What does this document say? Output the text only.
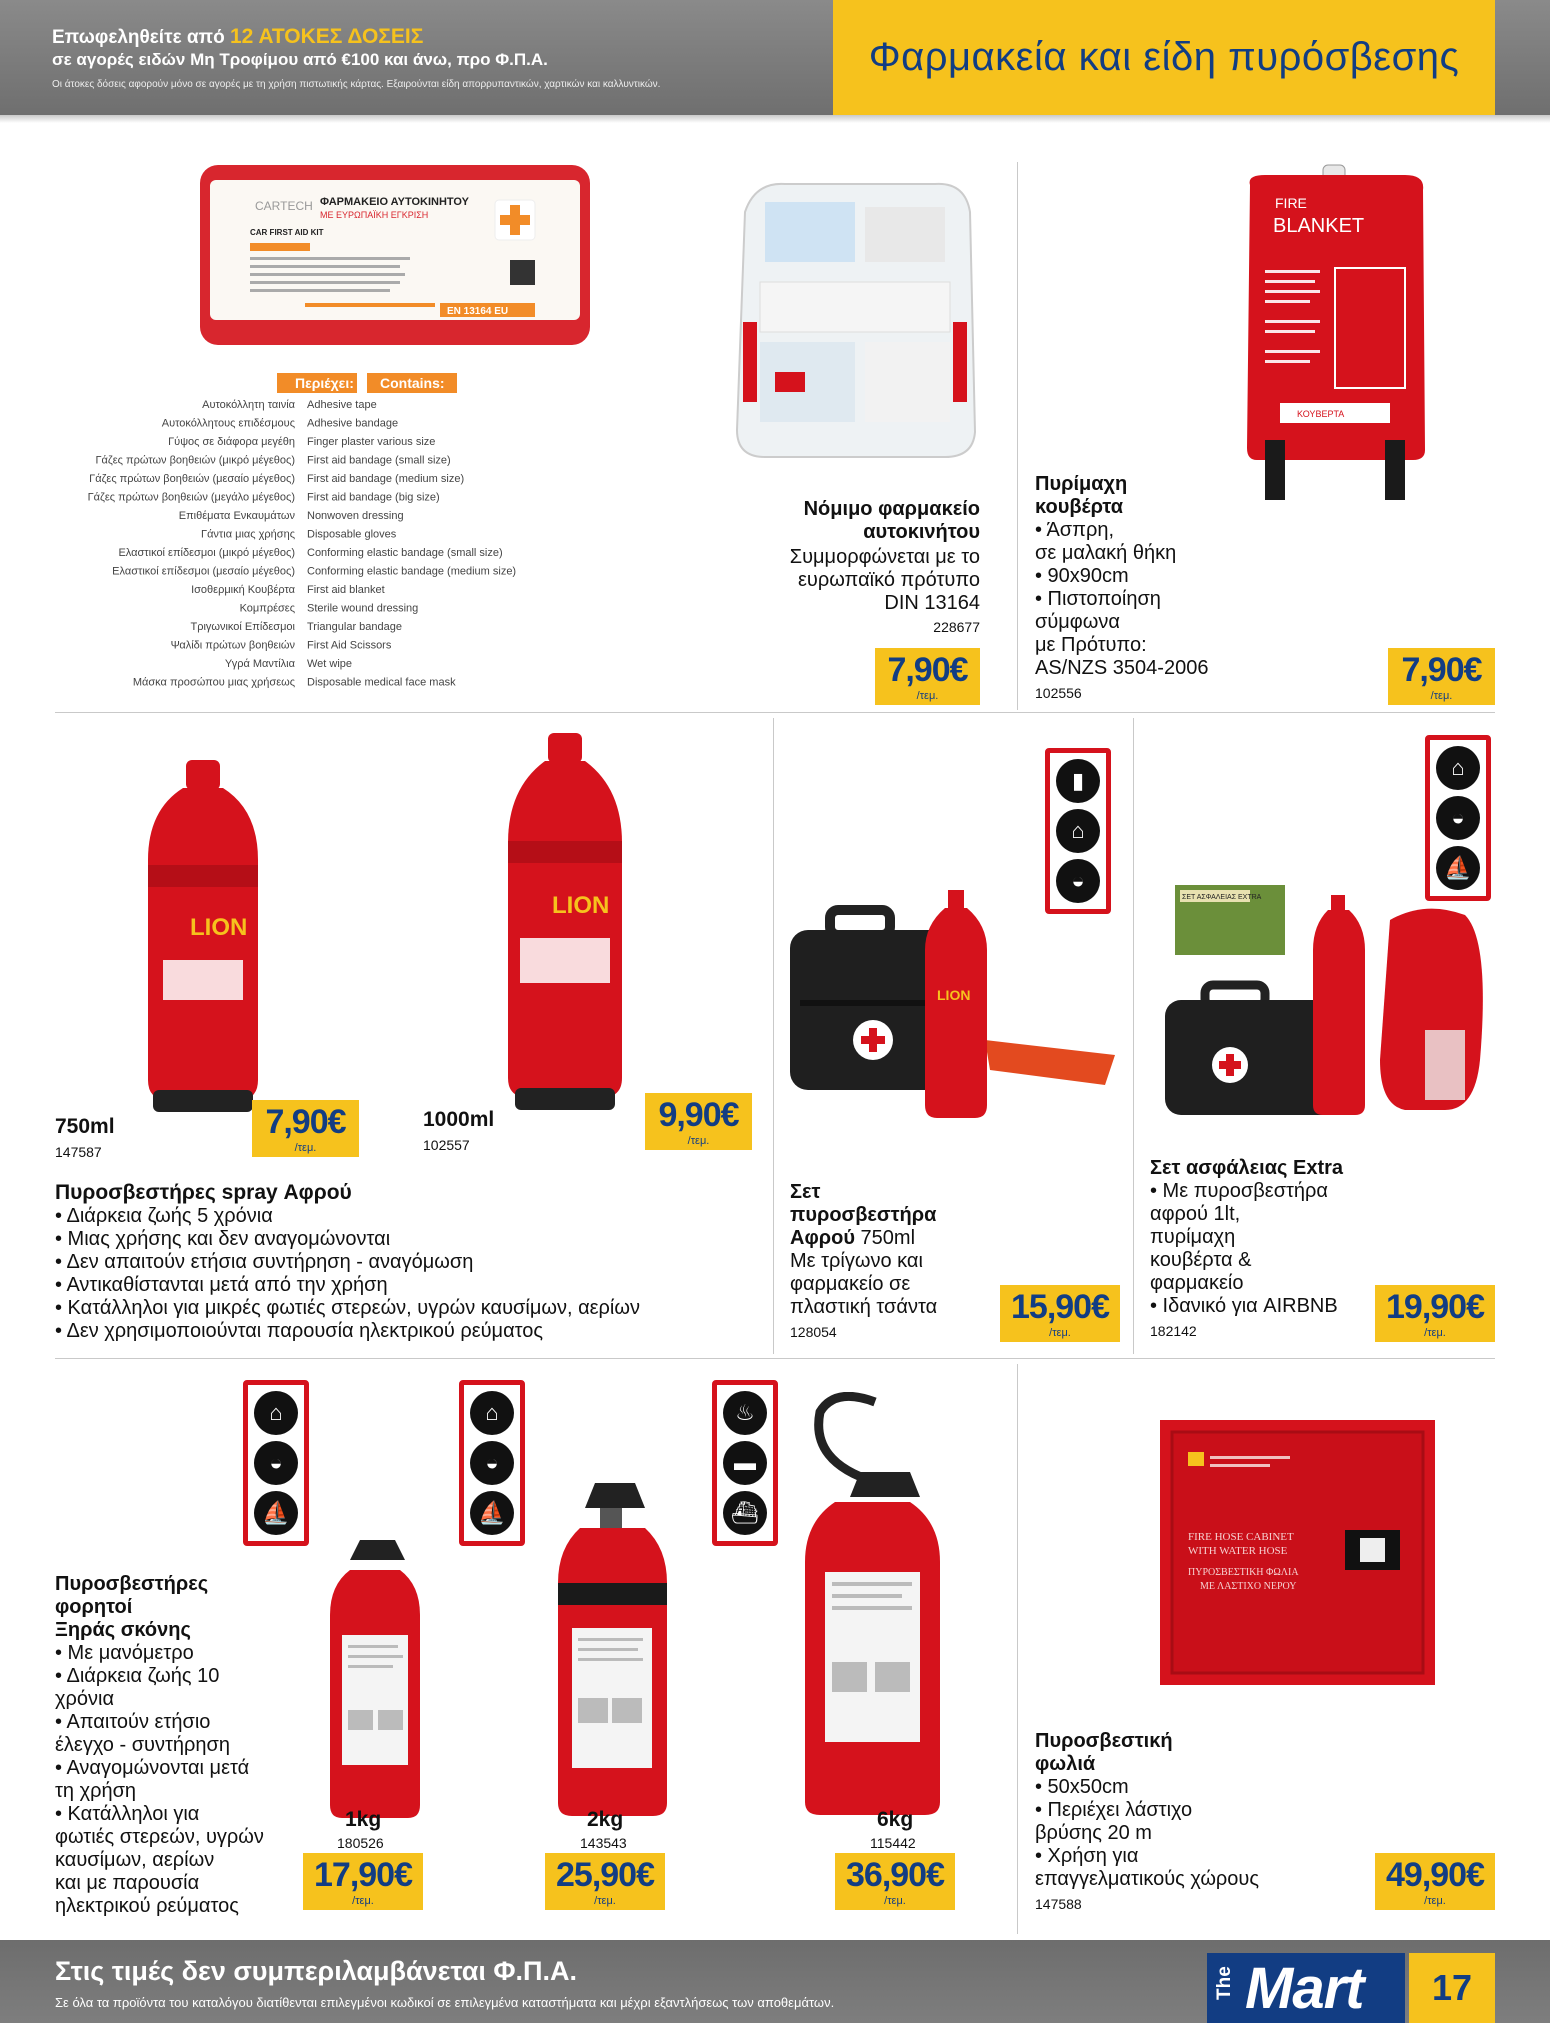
Επωφεληθείτε από 12 ΑΤΟΚΕΣ ΔΟΣΕΙΣ
σε αγορές ειδών Μη Τροφίμου από €100 και άνω, προ Φ.Π.Α.
Οι άτοκες δόσεις αφορούν μόνο σε αγορές με τη χρήση πιστωτικής κάρτας. Εξαιρούνται είδη απορρυπαντικών, χαρτικών και καλλυντικών.
Φαρμακεία και είδη πυρόσβεσης
CARTECH ΦΑΡΜΑΚΕΙΟ ΑΥΤΟΚΙΝΗΤΟΥ
ΜΕ ΕΥΡΩΠΑΪΚΗ ΕΓΚΡΙΣΗ
CAR FIRST AID KIT
EN 13164 EU
Περιέχει: Contains:
Αυτοκόλλητη ταινία Adhesive tape
Αυτοκόλλητους επιδέσμους Adhesive bandage
Γύψος σε διάφορα μεγέθη Finger plaster various size
Γάζες πρώτων βοηθειών (μικρό μέγεθος) First aid bandage (small size)
Γάζες πρώτων βοηθειών (μεσαίο μέγεθος) First aid bandage (medium size)
Γάζες πρώτων βοηθειών (μεγάλο μέγεθος) First aid bandage (big size)
Επιθέματα Ενκαυμάτων Nonwoven dressing
Γάντια μιας χρήσης Disposable gloves
Ελαστικοί επίδεσμοι (μικρό μέγεθος) Conforming elastic bandage (small size)
Ελαστικοί επίδεσμοι (μεσαίο μέγεθος) Conforming elastic bandage (medium size)
Ισοθερμική Κουβέρτα First aid blanket
Κομπρέσες Sterile wound dressing
Τριγωνικοί Επίδεσμοι Triangular bandage
Ψαλίδι πρώτων βοηθειών First Aid Scissors
Υγρά Μαντίλια Wet wipe
Μάσκα προσώπου μιας χρήσεως Disposable medical face mask
Νόμιμο φαρμακείο
αυτοκινήτου
Συμμορφώνεται με το
ευρωπαϊκό πρότυπο
DIN 13164
228677
7,90€
/τεμ.
FIRE
BLANKET
ΚΟΥΒΕΡΤΑ
Πυρίμαχη
κουβέρτα
• Άσπρη,
σε μαλακή θήκη
• 90x90cm
• Πιστοποίηση
σύμφωνα
με Πρότυπο:
AS/NZS 3504-2006
102556
7,90€
/τεμ.
LION
LION
750ml
147587
7,90€
/τεμ.
1000ml
102557
9,90€
/τεμ.
Πυροσβεστήρες spray Αφρού
• Διάρκεια ζωής 5 χρόνια
• Μιας χρήσης και δεν αναγομώνονται
• Δεν απαιτούν ετήσια συντήρηση - αναγόμωση
• Αντικαθίστανται μετά από την χρήση
• Κατάλληλοι για μικρές φωτιές στερεών, υγρών καυσίμων, αερίων
• Δεν χρησιμοποιούνται παρουσία ηλεκτρικού ρεύματος
▮
⌂
◒
LION
Σετ
πυροσβεστήρα
Αφρού 750ml
Με τρίγωνο και
φαρμακείο σε
πλαστική τσάντα
128054
15,90€
/τεμ.
⌂
◒
⛵
ΣΕΤ ΑΣΦΑΛΕΙΑΣ EXTRA
Σετ ασφάλειας Extra
• Με πυροσβεστήρα
αφρού 1lt,
πυρίμαχη
κουβέρτα &
φαρμακείο
• Ιδανικό για AIRBNB
182142
19,90€
/τεμ.
Πυροσβεστήρες
φορητοί
Ξηράς σκόνης
• Με μανόμετρο
• Διάρκεια ζωής 10
χρόνια
• Απαιτούν ετήσιο
έλεγχο - συντήρηση
• Αναγομώνονται μετά
τη χρήση
• Κατάλληλοι για
φωτιές στερεών, υγρών
καυσίμων, αερίων
και με παρουσία
ηλεκτρικού ρεύματος
⌂
◒
⛵
⌂
◒
⛵
♨
▬
⛴
1kg
180526
17,90€
/τεμ.
2kg
143543
25,90€
/τεμ.
6kg
115442
36,90€
/τεμ.
FIRE HOSE CABINET
WITH WATER HOSE
ΠΥΡΟΣΒΕΣΤΙΚΗ ΦΩΛΙΑ
ΜΕ ΛΑΣΤΙΧΟ ΝΕΡΟΥ
Πυροσβεστική
φωλιά
• 50x50cm
• Περιέχει λάστιχο
βρύσης 20 m
• Χρήση για
επαγγελματικούς χώρους
147588
49,90€
/τεμ.
Στις τιμές δεν συμπεριλαμβάνεται Φ.Π.Α.
Σε όλα τα προϊόντα του καταλόγου διατίθενται επιλεγμένοι κωδικοί σε επιλεγμένα καταστήματα και μέχρι εξαντλήσεως των αποθεμάτων.
The Mart	17
